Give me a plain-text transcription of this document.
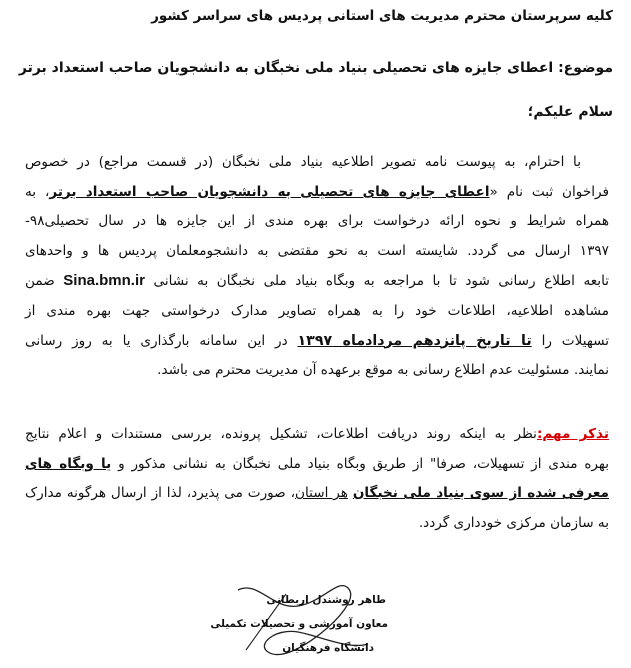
کلیه سرپرستان محترم مدیریت های استانی پردیس های سراسر کشور
موضوع: اعطای جایزه های تحصیلی بنیاد ملی نخبگان به دانشجویان صاحب استعداد برتر
سلام علیکم؛
با احترام، به پیوست نامه تصویر اطلاعیه بنیاد ملی نخبگان (در قسمت مراجع) در خصوص
فراخوان ثبت نام «اعطای جایزه های تحصیلی به دانشجویان صاحب استعداد برتر، به
همراه شرایط و نحوه ارائه درخواست برای بهره مندی از این جایزه ها در سال تحصیلی۹۸-
۱۳۹۷ ارسال می گردد. شایسته است به نحو مقتضی به دانشجومعلمان پردیس ها و واحدهای
تابعه اطلاع رسانی شود تا با مراجعه به وبگاه بنیاد ملی نخبگان به نشانی Sina.bmn.ir ضمن
مشاهده اطلاعیه، اطلاعات خود را به همراه تصاویر مدارک درخواستی جهت بهره مندی از
تسهیلات را تا تاریخ پانزدهم مردادماه ۱۳۹۷ در این سامانه بارگذاری یا به روز رسانی
نمایند. مسئولیت عدم اطلاع رسانی به موقع برعهده آن مدیریت محترم می باشد.
تذکر مهم:نظر به اینکه روند دریافت اطلاعات، تشکیل پرونده، بررسی مستندات و اعلام نتایج
بهره مندی از تسهیلات، صرفا" از طریق وبگاه بنیاد ملی نخبگان به نشانی مذکور و یا وبگاه های
معرفی شده از سوی بنیاد ملی نخبگان هر استان، صورت می پذیرد، لذا از ارسال هرگونه مدارک
به سازمان مرکزی خودداری گردد.
طاهر روشندل اربطانی
معاون آموزشی و تحصیلات تکمیلی
دانشگاه فرهنگیان
